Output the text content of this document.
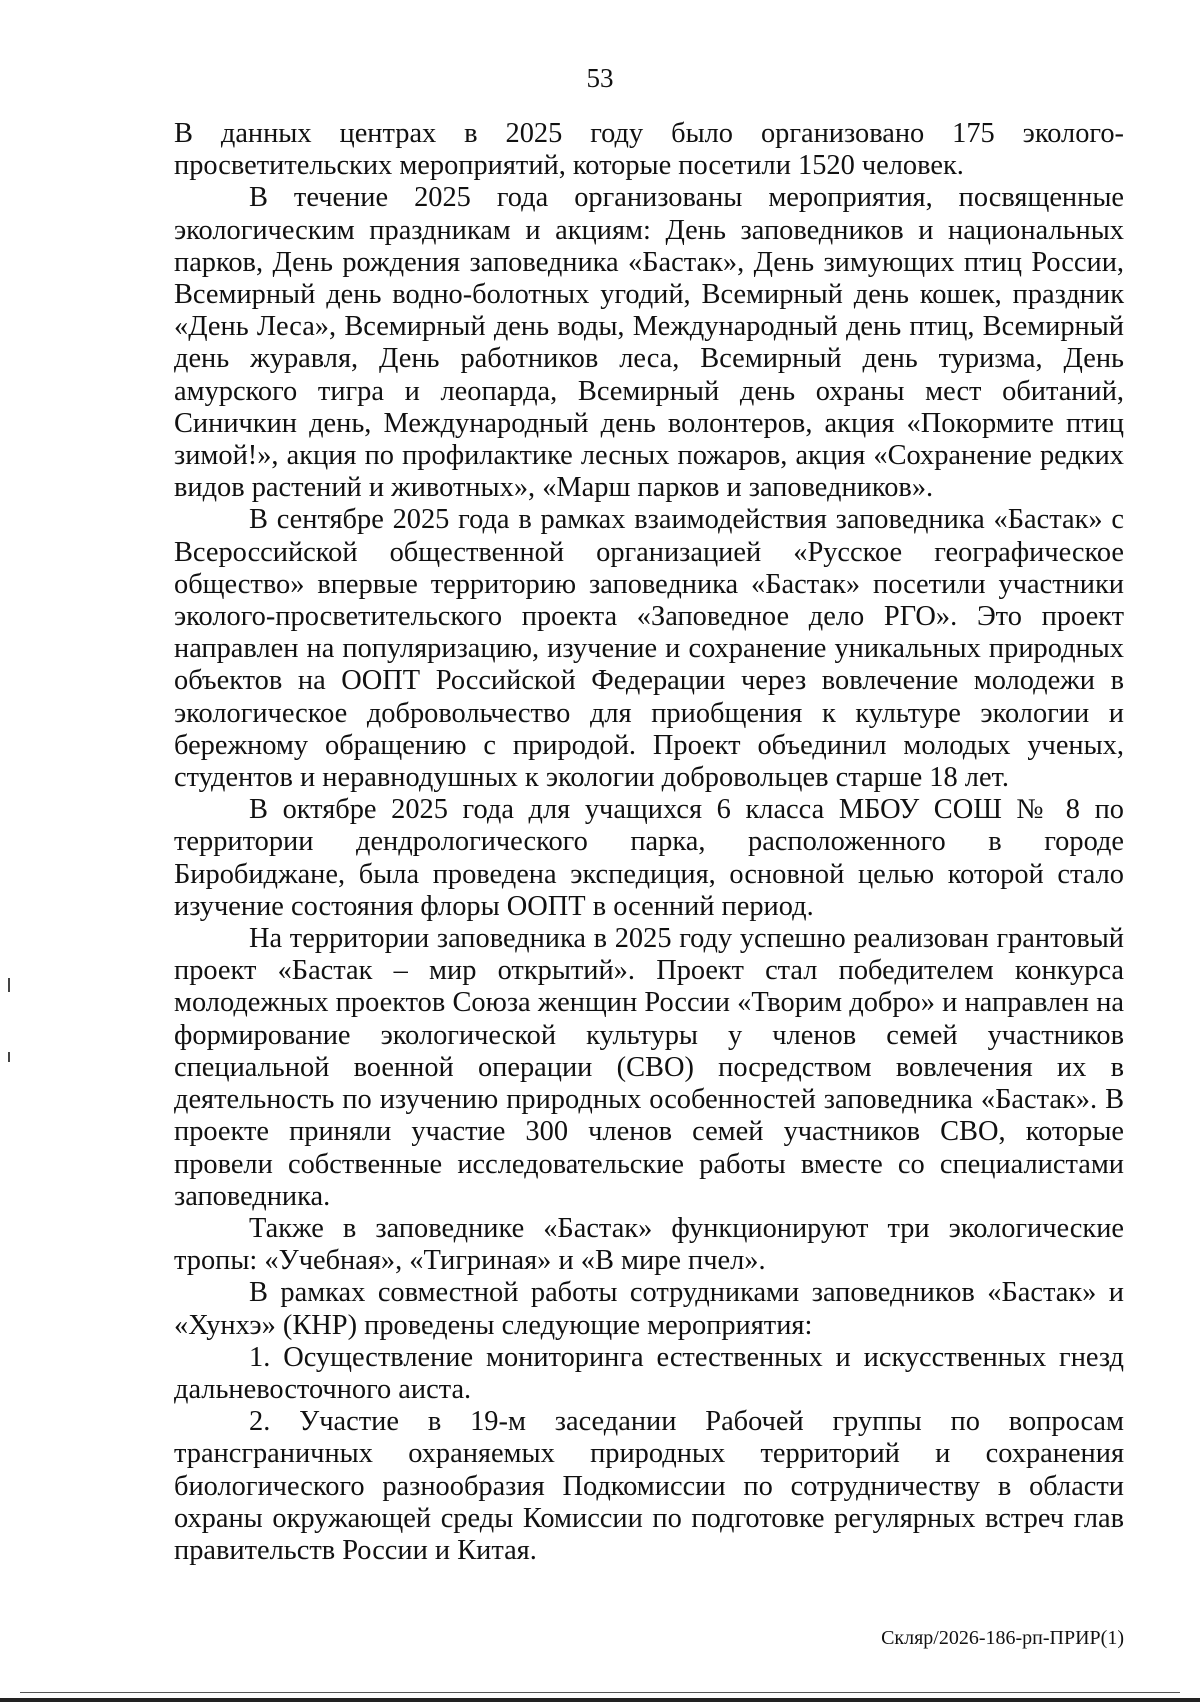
53

В данных центрах в 2025 году было организовано 175 эколого-просветительских мероприятий, которые посетили 1520 человек.

В течение 2025 года организованы мероприятия, посвященные экологическим праздникам и акциям: День заповедников и национальных парков, День рождения заповедника «Бастак», День зимующих птиц России, Всемирный день водно-болотных угодий, Всемирный день кошек, праздник «День Леса», Всемирный день воды, Международный день птиц, Всемирный день журавля, День работников леса, Всемирный день туризма, День амурского тигра и леопарда, Всемирный день охраны мест обитаний, Синичкин день, Международный день волонтеров, акция «Покормите птиц зимой!», акция по профилактике лесных пожаров, акция «Сохранение редких видов растений и животных», «Марш парков и заповедников».

В сентябре 2025 года в рамках взаимодействия заповедника «Бастак» с Всероссийской общественной организацией «Русское географическое общество» впервые территорию заповедника «Бастак» посетили участники эколого-просветительского проекта «Заповедное дело РГО». Это проект направлен на популяризацию, изучение и сохранение уникальных природных объектов на ООПТ Российской Федерации через вовлечение молодежи в экологическое добровольчество для приобщения к культуре экологии и бережному обращению с природой. Проект объединил молодых ученых, студентов и неравнодушных к экологии добровольцев старше 18 лет.

В октябре 2025 года для учащихся 6 класса МБОУ СОШ № 8 по территории дендрологического парка, расположенного в городе Биробиджане, была проведена экспедиция, основной целью которой стало изучение состояния флоры ООПТ в осенний период.

На территории заповедника в 2025 году успешно реализован грантовый проект «Бастак – мир открытий». Проект стал победителем конкурса молодежных проектов Союза женщин России «Творим добро» и направлен на формирование экологической культуры у членов семей участников специальной военной операции (СВО) посредством вовлечения их в деятельность по изучению природных особенностей заповедника «Бастак». В проекте приняли участие 300 членов семей участников СВО, которые провели собственные исследовательские работы вместе со специалистами заповедника.

Также в заповеднике «Бастак» функционируют три экологические тропы: «Учебная», «Тигриная» и «В мире пчел».

В рамках совместной работы сотрудниками заповедников «Бастак» и «Хунхэ» (КНР) проведены следующие мероприятия:

1. Осуществление мониторинга естественных и искусственных гнезд дальневосточного аиста.

2. Участие в 19-м заседании Рабочей группы по вопросам трансграничных охраняемых природных территорий и сохранения биологического разнообразия Подкомиссии по сотрудничеству в области охраны окружающей среды Комиссии по подготовке регулярных встреч глав правительств России и Китая.

Скляр/2026-186-рп-ПРИР(1)
